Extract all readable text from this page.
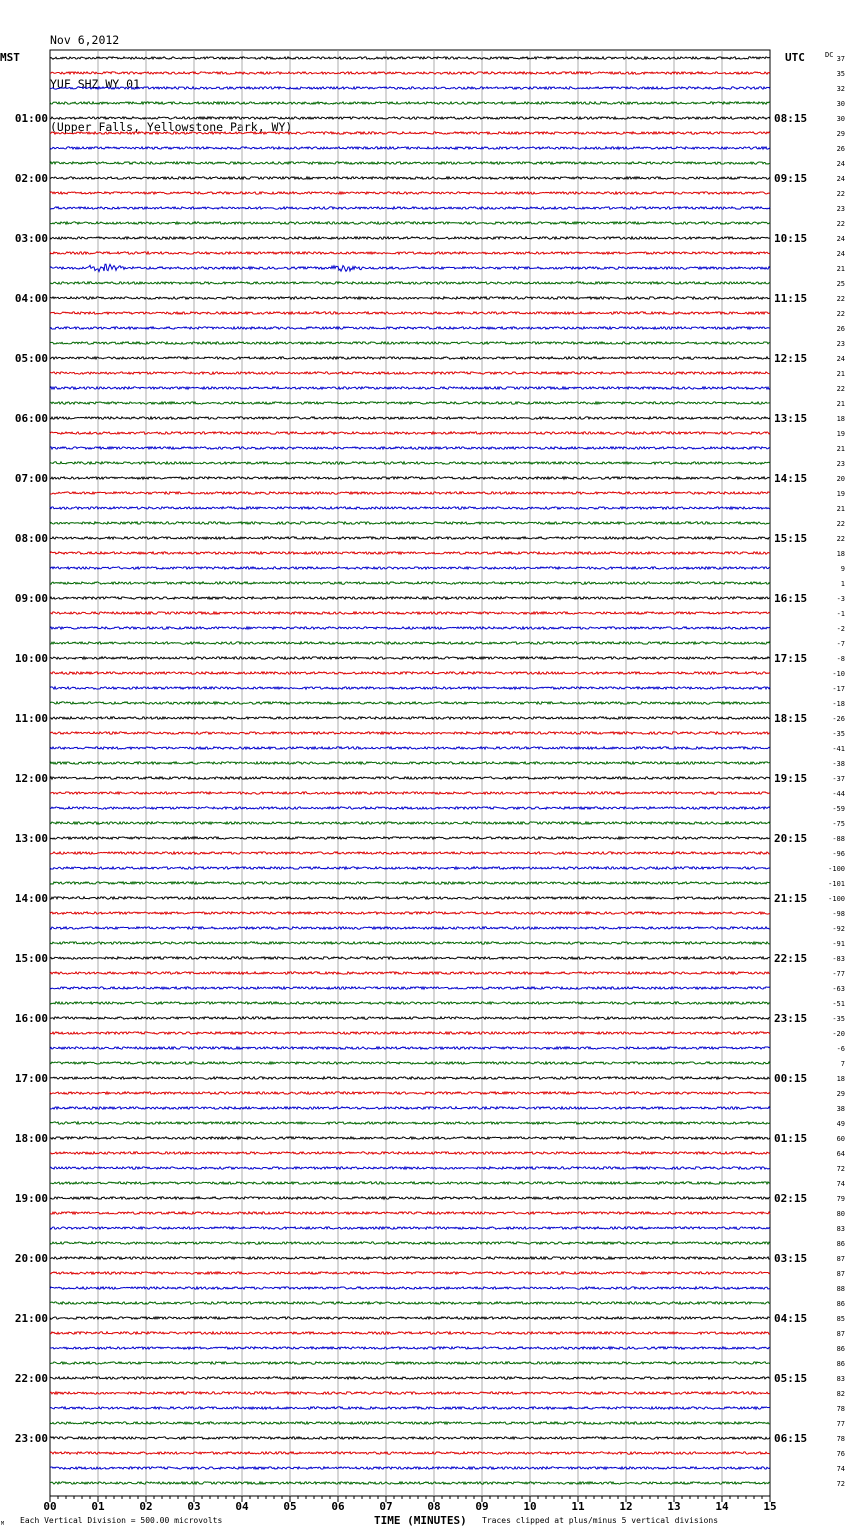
Nov 6,2012

YUF SHZ WY 01

(Upper Falls, Yellowstone Park, WY)

37
35
32
30
30
29
26
24
24
22
23
22
24
24
21
25
22
22
26
23
24
21
22
21
18
19
21
23
20
19
21
22
22
18
9
1
-3
-1
-2
-7
-8
-10
-17
-18
-26
-35
-41
-38
-37
-44
-59
-75
-88
-96
-100
-101
-100
-98
-92
-91
-83
-77
-63
-51
-35
-20
-6
7
18
29
38
49
60
64
72
74
79
80
83
86
87
87
88
86
85
87
86
86
83
82
78
77
78
76
74
72
01:00
02:00
03:00
04:00
05:00
06:00
07:00
08:00
09:00
10:00
11:00
12:00
13:00
14:00
15:00
16:00
17:00
18:00
19:00
20:00
21:00
22:00
23:00
08:15
09:15
10:15
11:15
12:15
13:15
14:15
15:15
16:15
17:15
18:15
19:15
20:15
21:15
22:15
23:15
00:15
01:15
02:15
03:15
04:15
05:15
06:15
00	01	02	03	04	05	06	07	08	09	10	11	12	13	14	15
MST	UTC	DC
M Each Vertical Division = 500.00 microvolts	TIME (MINUTES) Traces clipped at plus/minus 5 vertical divisions
